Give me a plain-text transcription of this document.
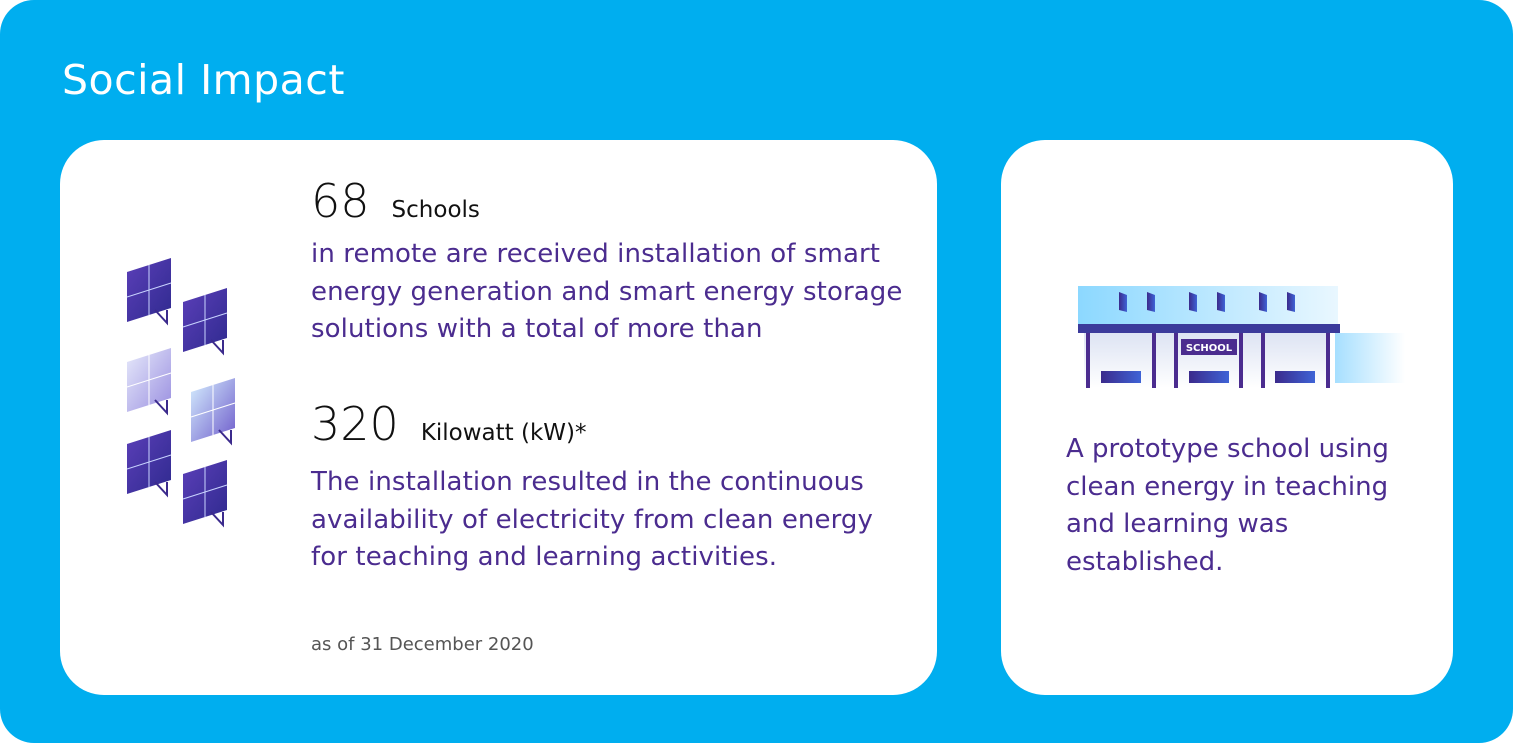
Social Impact
68 Schools
in remote are received installation of smart energy generation and smart energy storage solutions with a total of more than
320 Kilowatt (kW)*
The installation resulted in the continuous availability of electricity from clean energy for teaching and learning activities.
as of 31 December 2020
SCHOOL
A prototype school using clean energy in teaching and learning was established.
